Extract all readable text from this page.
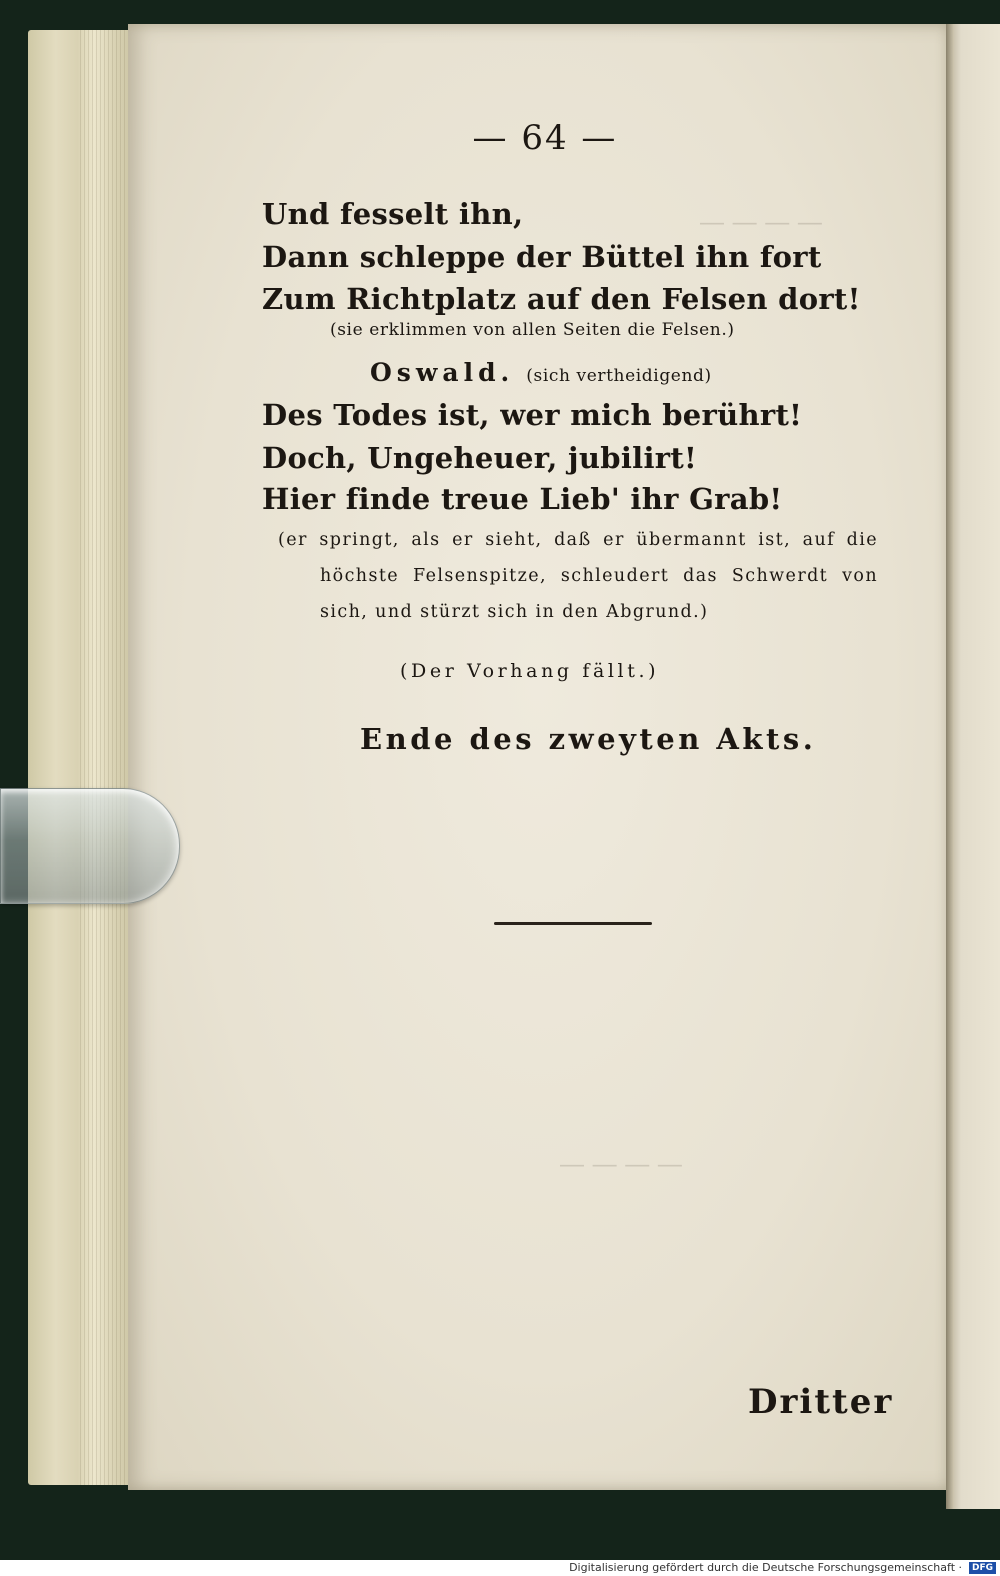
― ― ― ―
― ― ― ―
— 64 —
Und fesselt ihn,
Dann schleppe der Büttel ihn fort
Zum Richtplatz auf den Felsen dort!
(sie erklimmen von allen Seiten die Felsen.)
Oswald. (sich vertheidigend)
Des Todes ist, wer mich berührt!
Doch, Ungeheuer, jubilirt!
Hier finde treue Lieb' ihr Grab!
(er springt, als er sieht, daß er übermannt ist, auf die höchste Felsenspitze, schleudert das Schwerdt von sich, und stürzt sich in den Abgrund.)
(Der Vorhang fällt.)
Ende des zweyten Akts.
Dritter
Digitalisierung gefördert durch die Deutsche Forschungsgemeinschaft ·	DFG
